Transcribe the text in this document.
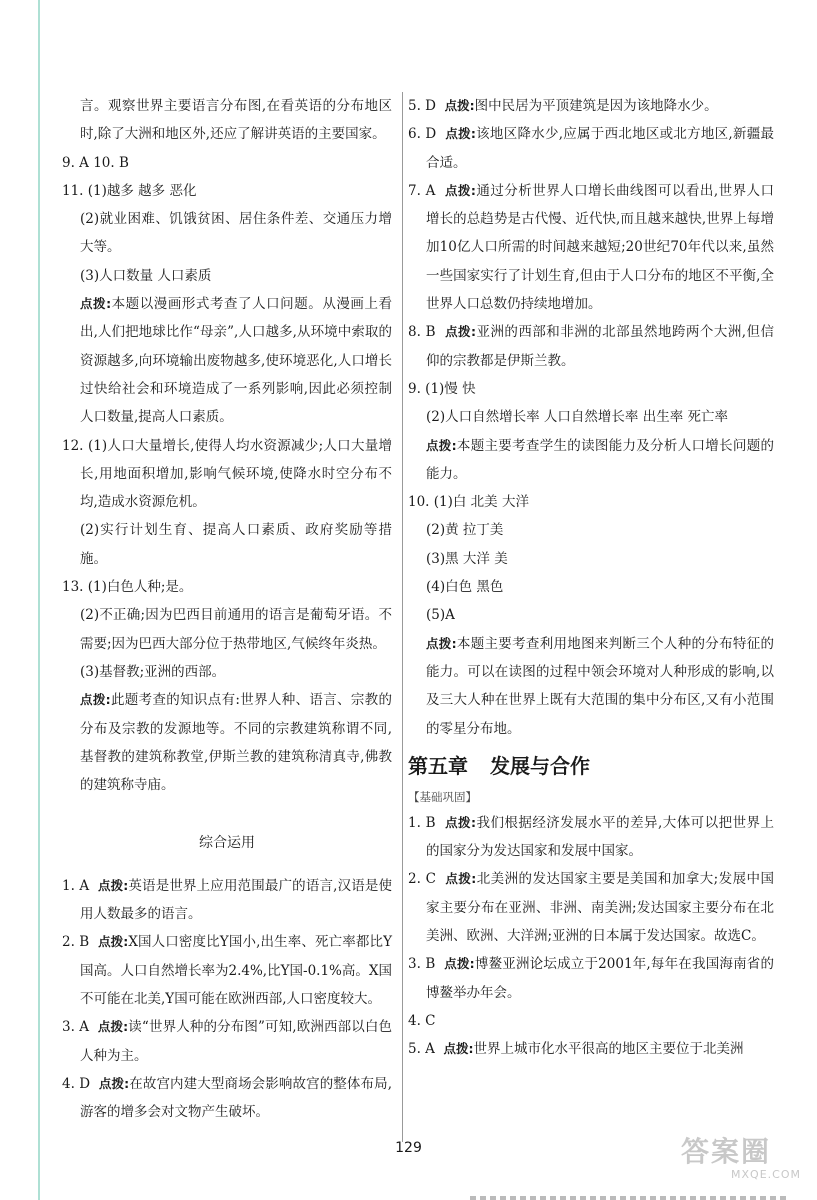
言。观察世界主要语言分布图,在看英语的分布地区时,除了大洲和地区外,还应了解讲英语的主要国家。

9. A 10. B

11. (1)越多 越多 恶化

(2)就业困难、饥饿贫困、居住条件差、交通压力增大等。

(3)人口数量 人口素质

点拨:本题以漫画形式考查了人口问题。从漫画上看出,人们把地球比作“母亲”,人口越多,从环境中索取的资源越多,向环境输出废物越多,使环境恶化,人口增长过快给社会和环境造成了一系列影响,因此必须控制人口数量,提高人口素质。

12. (1)人口大量增长,使得人均水资源减少;人口大量增长,用地面积增加,影响气候环境,使降水时空分布不均,造成水资源危机。

(2)实行计划生育、提高人口素质、政府奖励等措施。

13. (1)白色人种;是。

(2)不正确;因为巴西目前通用的语言是葡萄牙语。不需要;因为巴西大部分位于热带地区,气候终年炎热。

(3)基督教;亚洲的西部。

点拨:此题考查的知识点有:世界人种、语言、宗教的分布及宗教的发源地等。不同的宗教建筑称谓不同,基督教的建筑称教堂,伊斯兰教的建筑称清真寺,佛教的建筑称寺庙。

综合运用

1. A 点拨:英语是世界上应用范围最广的语言,汉语是使用人数最多的语言。

2. B 点拨:X国人口密度比Y国小,出生率、死亡率都比Y国高。人口自然增长率为2.4%,比Y国-0.1%高。X国不可能在北美,Y国可能在欧洲西部,人口密度较大。

3. A 点拨:读“世界人种的分布图”可知,欧洲西部以白色人种为主。

4. D 点拨:在故宫内建大型商场会影响故宫的整体布局,游客的增多会对文物产生破坏。

5. D 点拨:图中民居为平顶建筑是因为该地降水少。

6. D 点拨:该地区降水少,应属于西北地区或北方地区,新疆最合适。

7. A 点拨:通过分析世界人口增长曲线图可以看出,世界人口增长的总趋势是古代慢、近代快,而且越来越快,世界上每增加10亿人口所需的时间越来越短;20世纪70年代以来,虽然一些国家实行了计划生育,但由于人口分布的地区不平衡,全世界人口总数仍持续地增加。

8. B 点拨:亚洲的西部和非洲的北部虽然地跨两个大洲,但信仰的宗教都是伊斯兰教。

9. (1)慢 快

(2)人口自然增长率 人口自然增长率 出生率 死亡率

点拨:本题主要考查学生的读图能力及分析人口增长问题的能力。

10. (1)白 北美 大洋

(2)黄 拉丁美

(3)黑 大洋 美

(4)白色 黑色

(5)A

点拨:本题主要考查利用地图来判断三个人种的分布特征的能力。可以在读图的过程中领会环境对人种形成的影响,以及三大人种在世界上既有大范围的集中分布区,又有小范围的零星分布地。

第五章 发展与合作

【基础巩固】

1. B 点拨:我们根据经济发展水平的差异,大体可以把世界上的国家分为发达国家和发展中国家。

2. C 点拨:北美洲的发达国家主要是美国和加拿大;发展中国家主要分布在亚洲、非洲、南美洲;发达国家主要分布在北美洲、欧洲、大洋洲;亚洲的日本属于发达国家。故选C。

3. B 点拨:博鳌亚洲论坛成立于2001年,每年在我国海南省的博鳌举办年会。

4. C

5. A 点拨:世界上城市化水平很高的地区主要位于北美洲

129	答案圈
MXQE.COM
